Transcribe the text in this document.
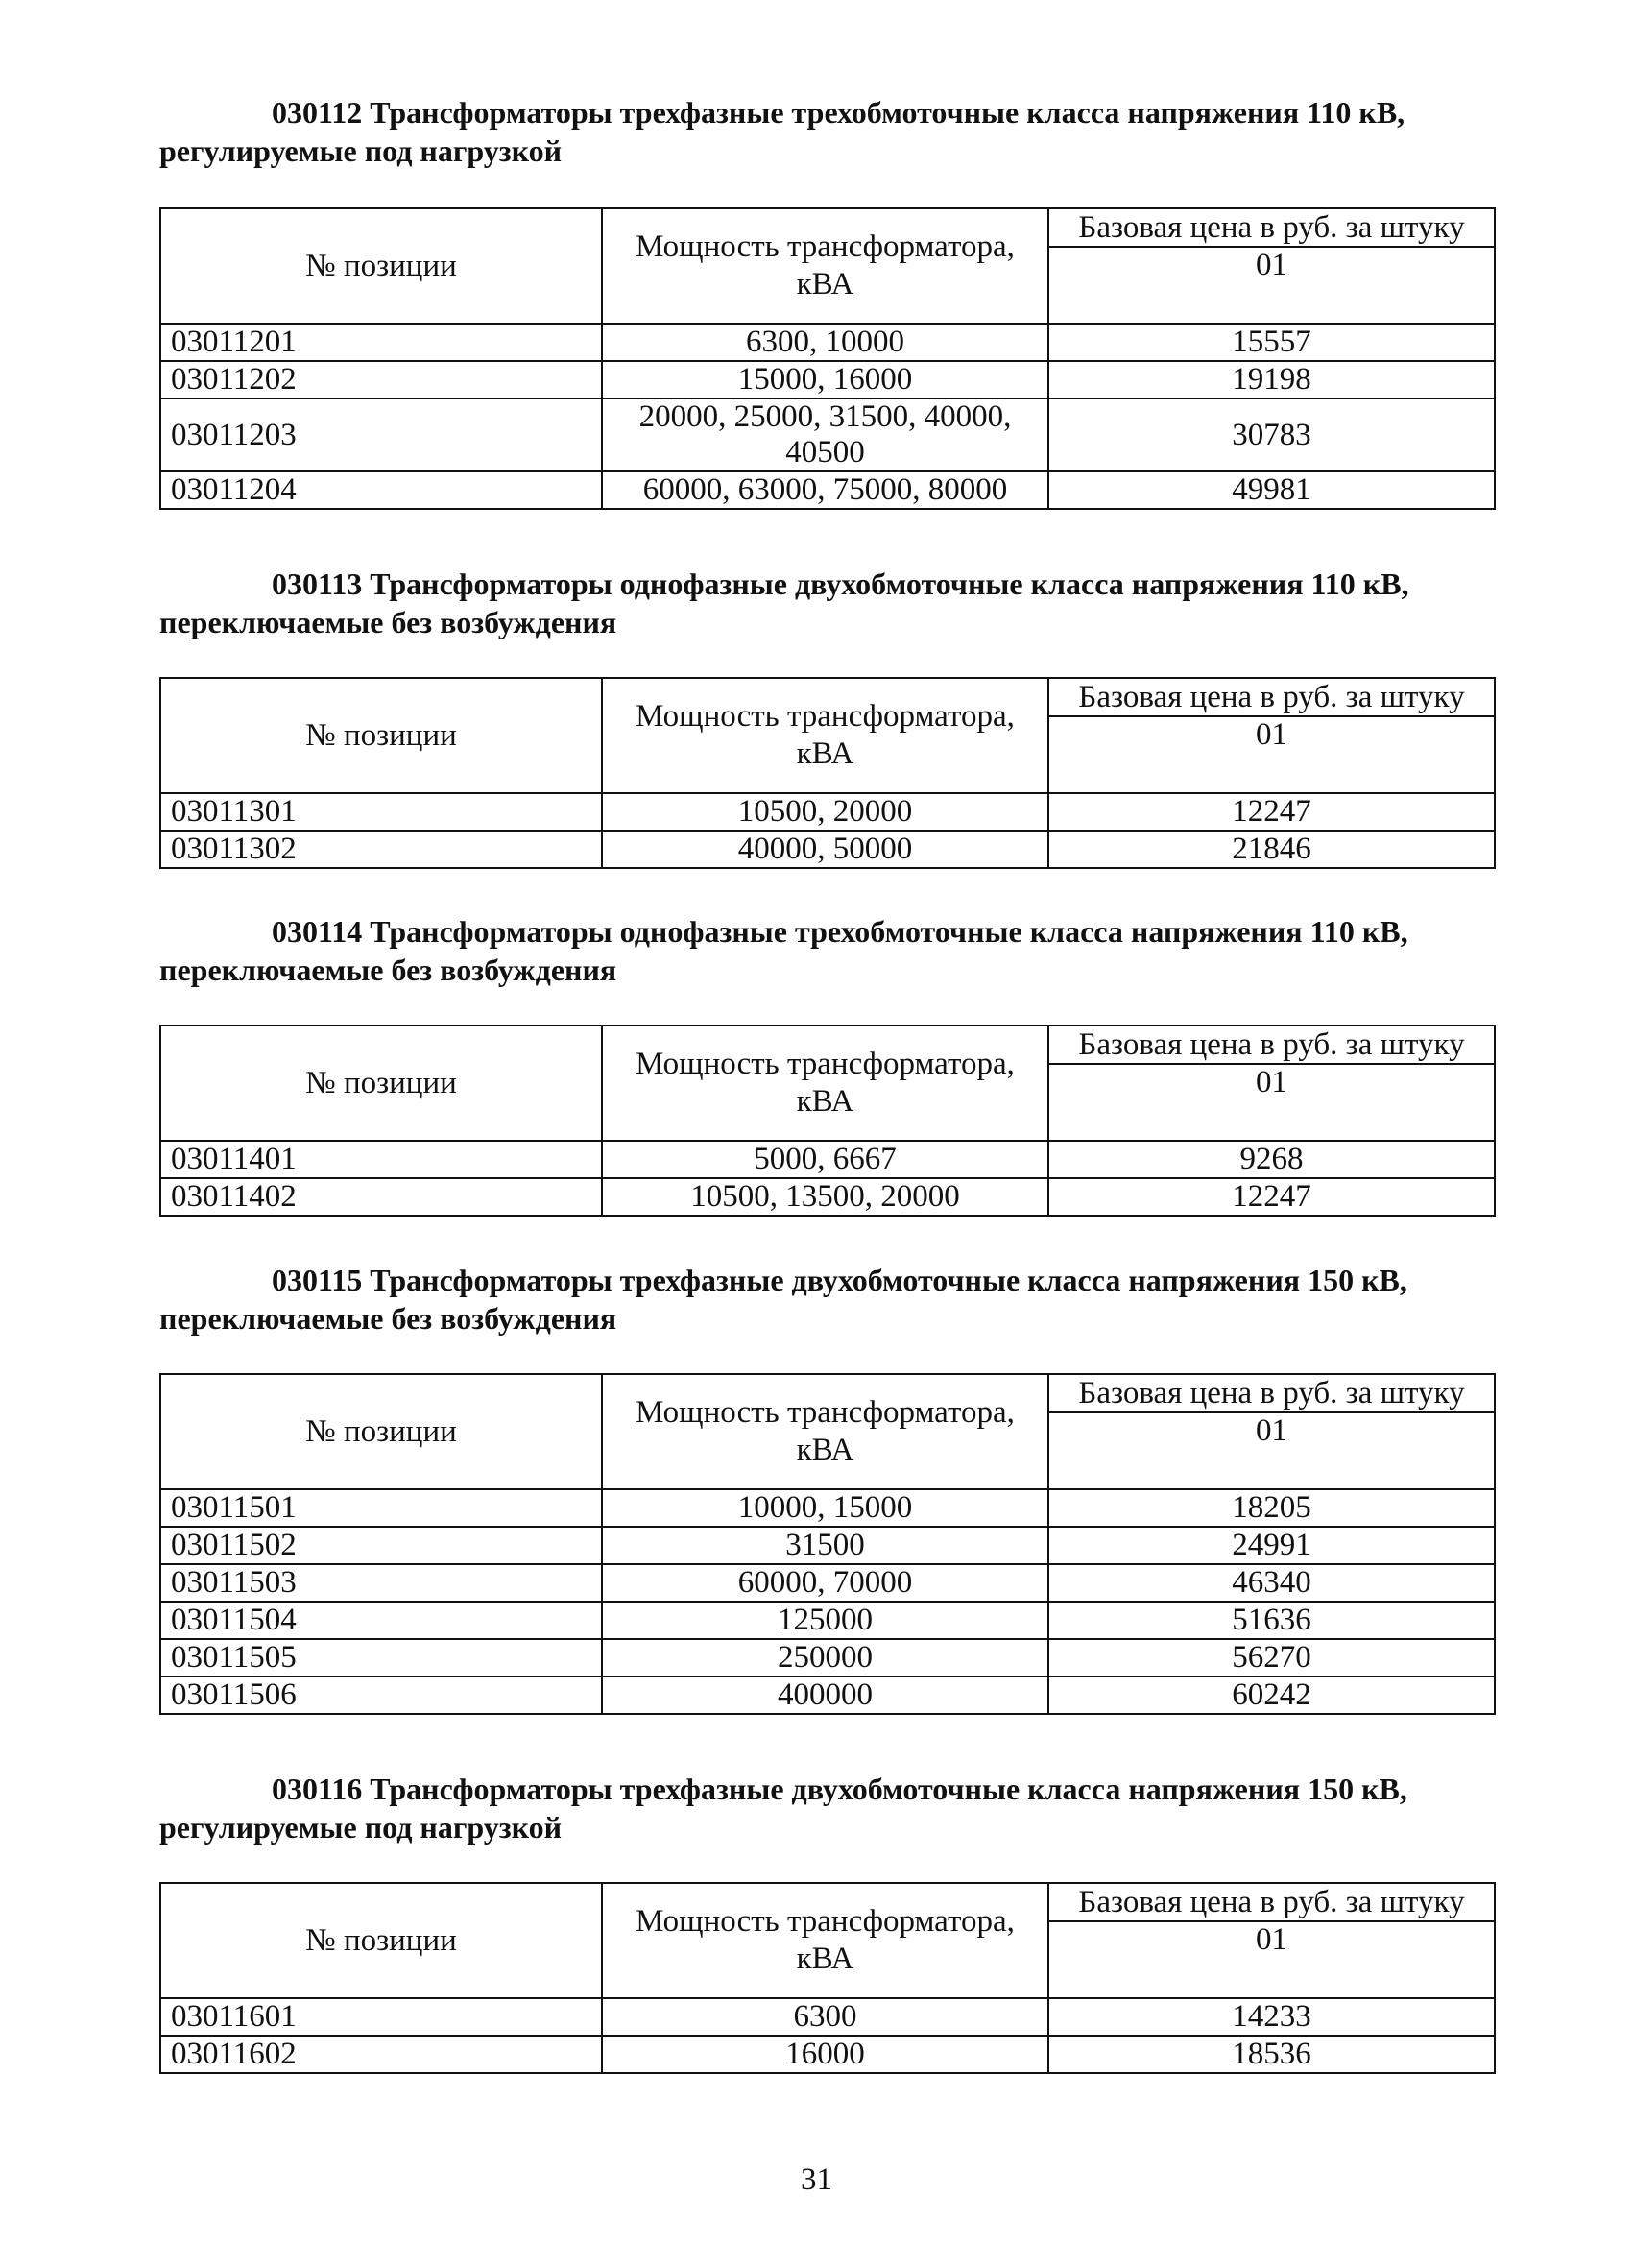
030112 Трансформаторы трехфазные трехобмоточные класса напряжения 110 кВ, регулируемые под нагрузкой

№ позиции	Мощность трансформатора, кВА	Базовая цена в руб. за штуку
		01
03011201	6300, 10000	15557
03011202	15000, 16000	19198
03011203	20000, 25000, 31500, 40000, 40500	30783
03011204	60000, 63000, 75000, 80000	49981

030113 Трансформаторы однофазные двухобмоточные класса напряжения 110 кВ, переключаемые без возбуждения

№ позиции	Мощность трансформатора, кВА	Базовая цена в руб. за штуку
		01
03011301	10500, 20000	12247
03011302	40000, 50000	21846

030114 Трансформаторы однофазные трехобмоточные класса напряжения 110 кВ, переключаемые без возбуждения

№ позиции	Мощность трансформатора, кВА	Базовая цена в руб. за штуку
		01
03011401	5000, 6667	9268
03011402	10500, 13500, 20000	12247

030115 Трансформаторы трехфазные двухобмоточные класса напряжения 150 кВ, переключаемые без возбуждения

№ позиции	Мощность трансформатора, кВА	Базовая цена в руб. за штуку
		01
03011501	10000, 15000	18205
03011502	31500	24991
03011503	60000, 70000	46340
03011504	125000	51636
03011505	250000	56270
03011506	400000	60242

030116 Трансформаторы трехфазные двухобмоточные класса напряжения 150 кВ, регулируемые под нагрузкой

№ позиции	Мощность трансформатора, кВА	Базовая цена в руб. за штуку
		01
03011601	6300	14233
03011602	16000	18536
31
